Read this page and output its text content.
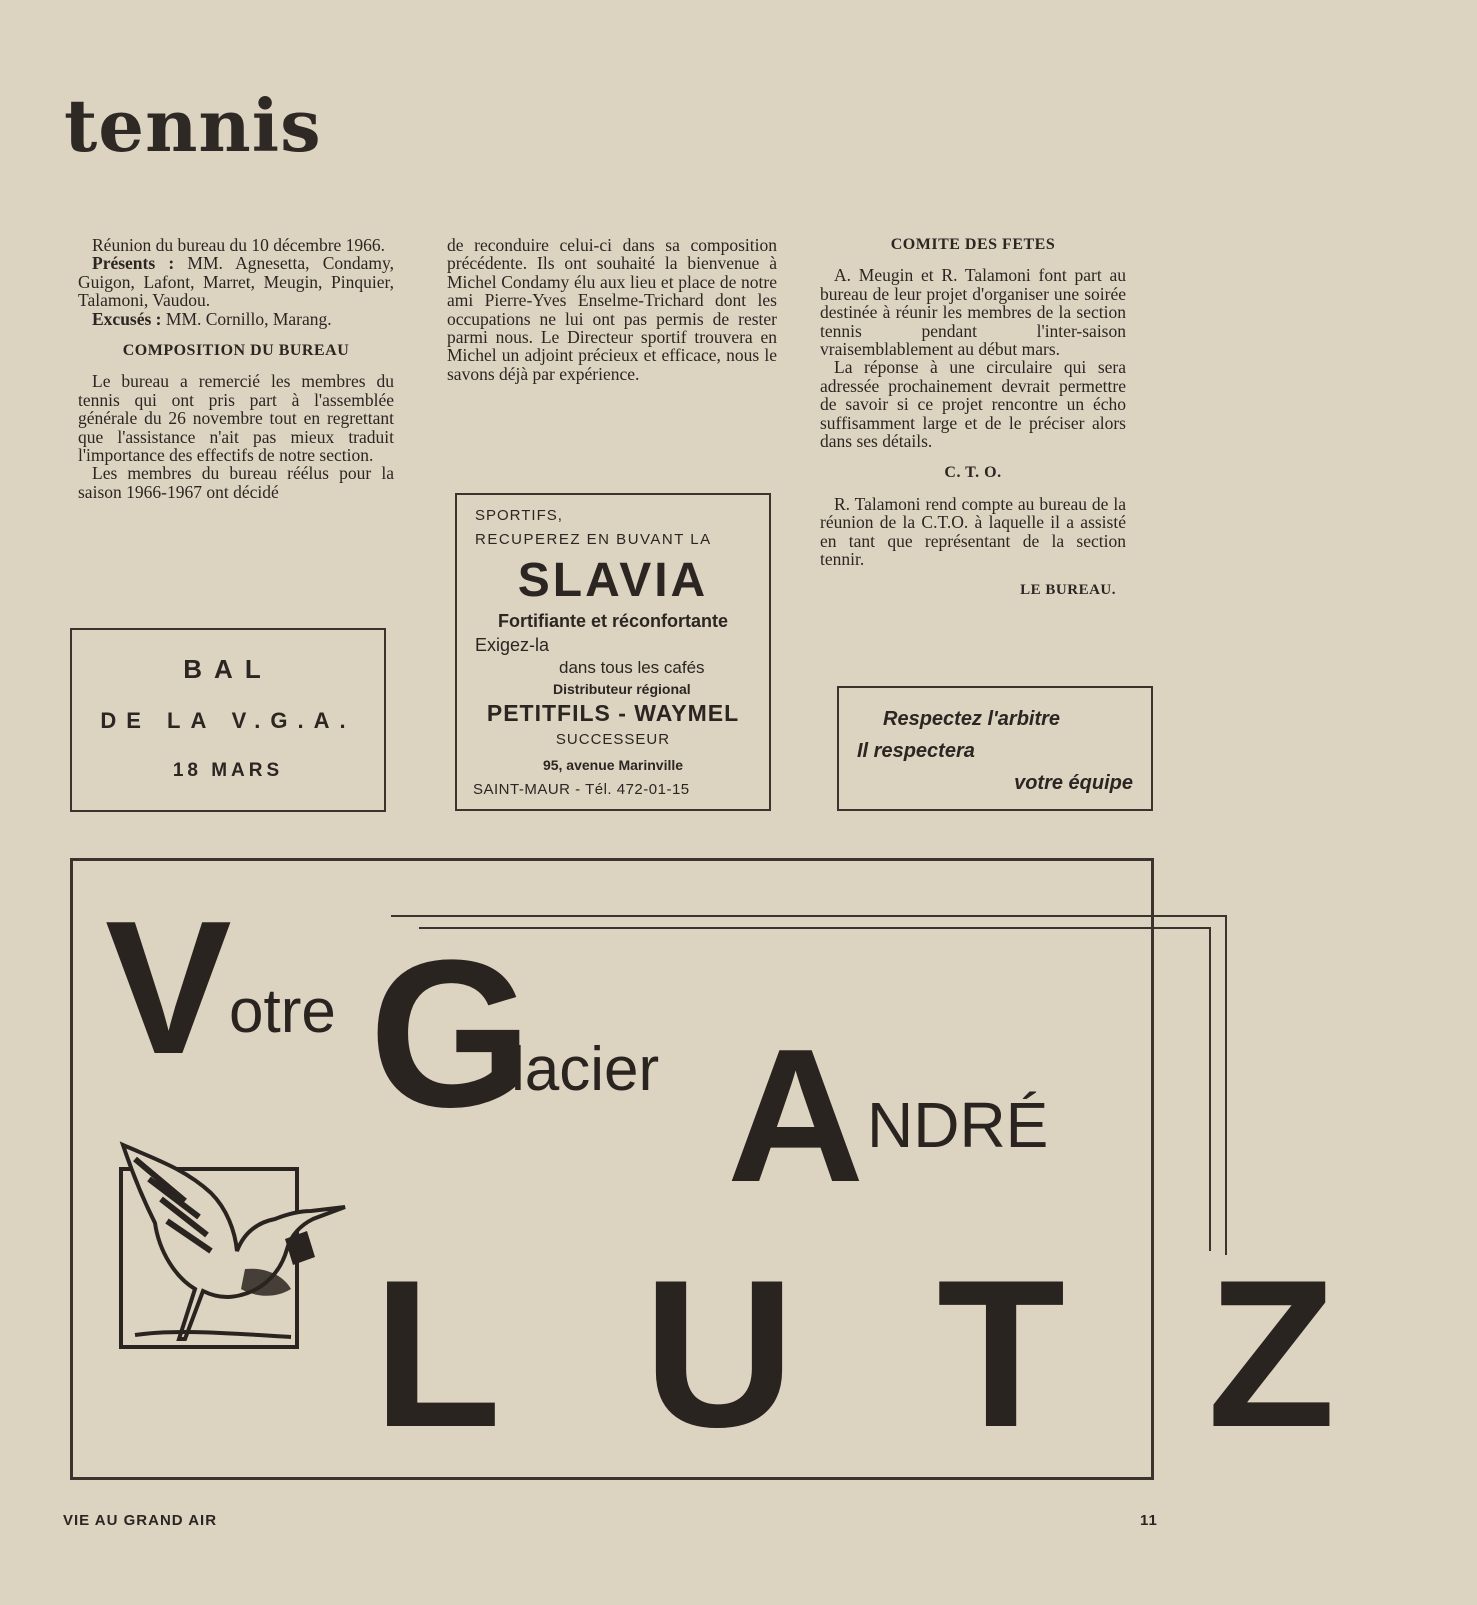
tennis

Réunion du bureau du 10 décembre 1966.

Présents : MM. Agnesetta, Condamy, Guigon, Lafont, Marret, Meugin, Pinquier, Talamoni, Vaudou.

Excusés : MM. Cornillo, Marang.

COMPOSITION DU BUREAU

Le bureau a remercié les membres du tennis qui ont pris part à l'assemblée générale du 26 novembre tout en regrettant que l'assistance n'ait pas mieux traduit l'importance des effectifs de notre section.

Les membres du bureau réélus pour la saison 1966-1967 ont décidé

de reconduire celui-ci dans sa composition précédente. Ils ont souhaité la bienvenue à Michel Condamy élu aux lieu et place de notre ami Pierre-Yves Enselme-Trichard dont les occupations ne lui ont pas permis de rester parmi nous. Le Directeur sportif trouvera en Michel un adjoint précieux et efficace, nous le savons déjà par expérience.

COMITE DES FETES

A. Meugin et R. Talamoni font part au bureau de leur projet d'organiser une soirée destinée à réunir les membres de la section tennis pendant l'inter-saison vraisemblablement au début mars.

La réponse à une circulaire qui sera adressée prochainement devrait permettre de savoir si ce projet rencontre un écho suffisamment large et de le préciser alors dans ses détails.

C. T. O.

R. Talamoni rend compte au bureau de la réunion de la C.T.O. à laquelle il a assisté en tant que représentant de la section tennir.

LE BUREAU.

BAL
DE LA V.G.A.
18 MARS
SPORTIFS,
RECUPEREZ EN BUVANT LA
SLAVIA
Fortifiante et réconfortante
Exigez-la
dans tous les cafés
Distributeur régional
PETITFILS - WAYMEL
SUCCESSEUR
95, avenue Marinville
SAINT-MAUR - Tél. 472-01-15
Respectez l'arbitre
Il respectera
votre équipe
V
otre G
lacier A NDRÉ
LUTZ
VIE AU GRAND AIR	11
